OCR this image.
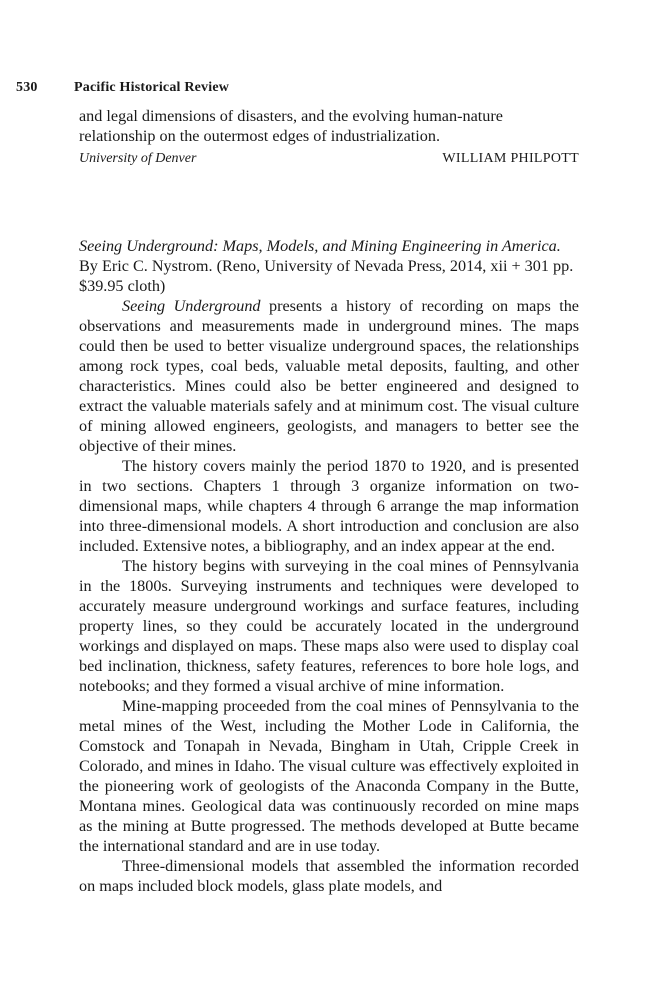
530	Pacific Historical Review
and legal dimensions of disasters, and the evolving human-nature relationship on the outermost edges of industrialization.
University of Denver	WILLIAM PHILPOTT
Seeing Underground: Maps, Models, and Mining Engineering in America. By Eric C. Nystrom. (Reno, University of Nevada Press, 2014, xii + 301 pp. $39.95 cloth)

Seeing Underground presents a history of recording on maps the observations and measurements made in underground mines. The maps could then be used to better visualize underground spaces, the relationships among rock types, coal beds, valuable metal deposits, faulting, and other characteristics. Mines could also be better engineered and designed to extract the valuable materials safely and at minimum cost. The visual culture of mining allowed engineers, geologists, and managers to better see the objective of their mines.

The history covers mainly the period 1870 to 1920, and is presented in two sections. Chapters 1 through 3 organize information on two-dimensional maps, while chapters 4 through 6 arrange the map information into three-dimensional models. A short introduction and conclusion are also included. Extensive notes, a bibliography, and an index appear at the end.

The history begins with surveying in the coal mines of Pennsylvania in the 1800s. Surveying instruments and techniques were developed to accurately measure underground workings and surface features, including property lines, so they could be accurately located in the underground workings and displayed on maps. These maps also were used to display coal bed inclination, thickness, safety features, references to bore hole logs, and notebooks; and they formed a visual archive of mine information.

Mine-mapping proceeded from the coal mines of Pennsylvania to the metal mines of the West, including the Mother Lode in California, the Comstock and Tonapah in Nevada, Bingham in Utah, Cripple Creek in Colorado, and mines in Idaho. The visual culture was effectively exploited in the pioneering work of geologists of the Anaconda Company in the Butte, Montana mines. Geological data was continuously recorded on mine maps as the mining at Butte progressed. The methods developed at Butte became the international standard and are in use today.

Three-dimensional models that assembled the information recorded on maps included block models, glass plate models, and
